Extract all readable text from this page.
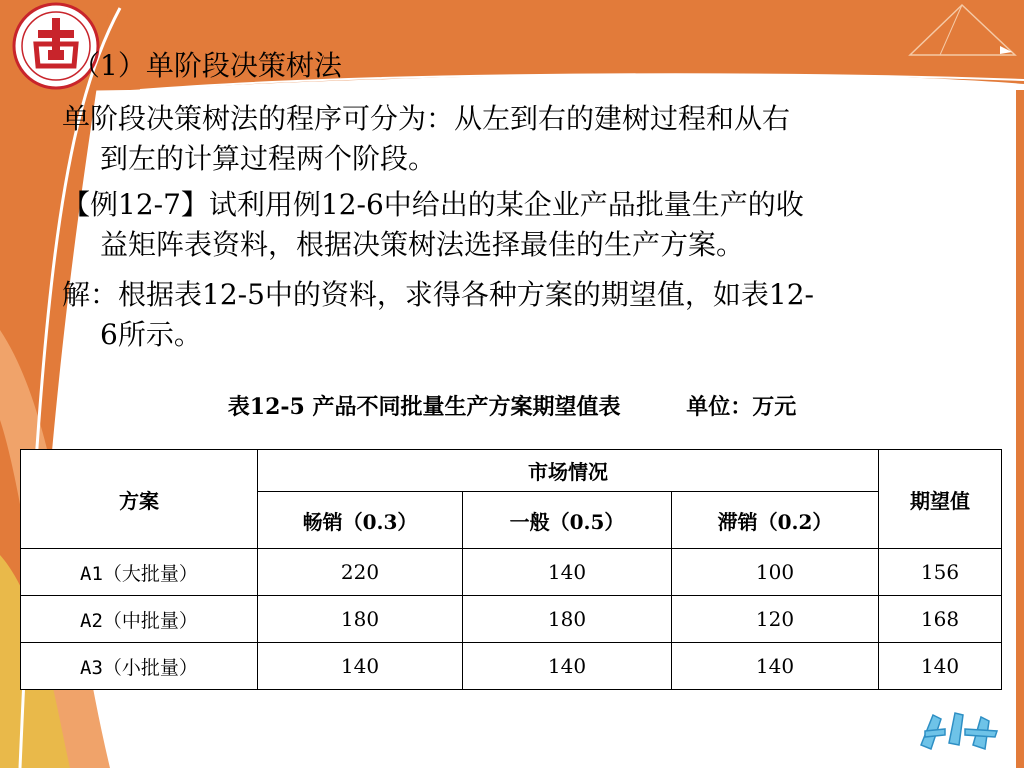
（1）单阶段决策树法
单阶段决策树法的程序可分为：从左到右的建树过程和从右
到左的计算过程两个阶段。
【例12-7】试利用例12-6中给出的某企业产品批量生产的收
益矩阵表资料，根据决策树法选择最佳的生产方案。
解：根据表12-5中的资料，求得各种方案的期望值，如表12-
6所示。
表12-5 产品不同批量生产方案期望值表	单位：万元
方案	市场情况			期望值
	畅销（0.3）	一般（0.5）	滞销（0.2）	
A1（大批量）	220	140	100	156
A2（中批量）	180	180	120	168
A3（小批量）	140	140	140	140
